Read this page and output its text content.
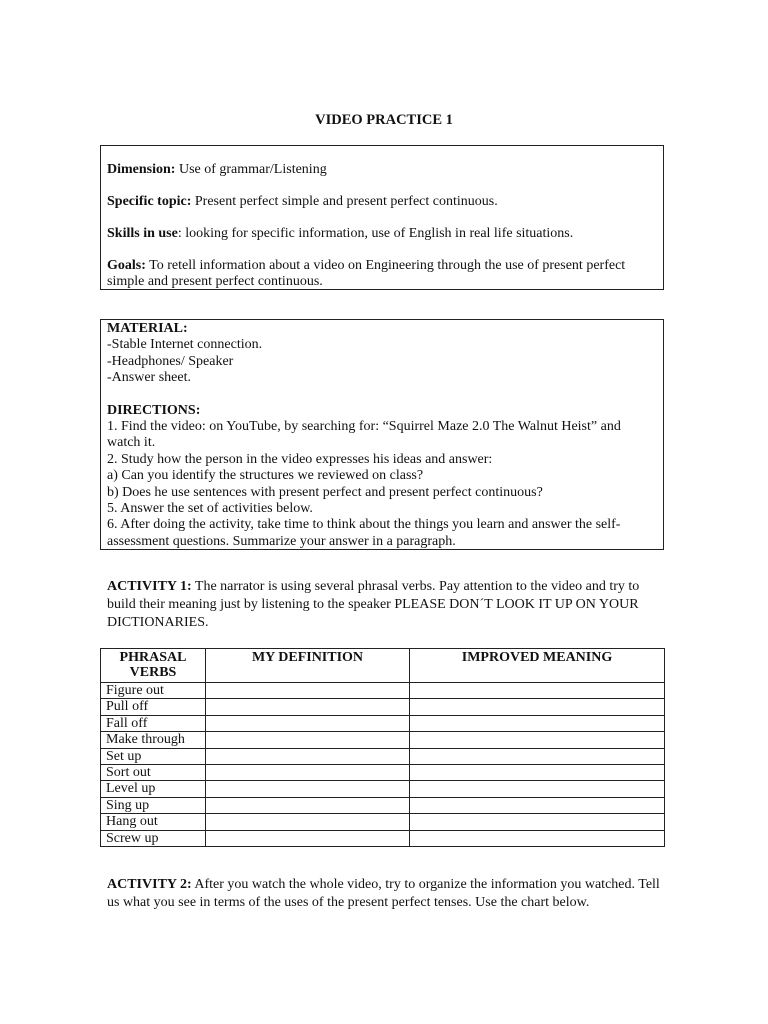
VIDEO PRACTICE 1

Dimension: Use of grammar/Listening

Specific topic: Present perfect simple and present perfect continuous.

Skills in use: looking for specific information, use of English in real life situations.

Goals: To retell information about a video on Engineering through the use of present perfect simple and present perfect continuous.

MATERIAL:
-Stable Internet connection.
-Headphones/ Speaker
-Answer sheet.
DIRECTIONS:
1. Find the video: on YouTube, by searching for: “Squirrel Maze 2.0 The Walnut Heist” and watch it.
2. Study how the person in the video expresses his ideas and answer:
a) Can you identify the structures we reviewed on class?
b) Does he use sentences with present perfect and present perfect continuous?
5. Answer the set of activities below.
6. After doing the activity, take time to think about the things you learn and answer the self- assessment questions. Summarize your answer in a paragraph.

ACTIVITY 1: The narrator is using several phrasal verbs. Pay attention to the video and try to build their meaning just by listening to the speaker PLEASE DON´T LOOK IT UP ON YOUR DICTIONARIES.

PHRASAL VERBS	MY DEFINITION	IMPROVED MEANING
Figure out		
Pull off		
Fall off		
Make through		
Set up		
Sort out		
Level up		
Sing up		
Hang out		
Screw up		

ACTIVITY 2: After you watch the whole video, try to organize the information you watched. Tell us what you see in terms of the uses of the present perfect tenses. Use the chart below.
